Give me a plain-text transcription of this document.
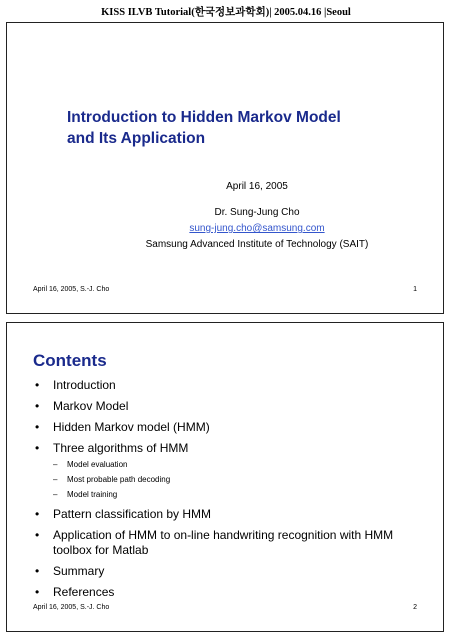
KISS ILVB Tutorial(한국정보과학회)| 2005.04.16 |Seoul
Introduction to Hidden Markov Model
and Its Application
April 16, 2005
Dr. Sung-Jung Cho
sung-jung.cho@samsung.com
Samsung Advanced Institute of Technology (SAIT)
April 16, 2005, S.-J. Cho	1
Contents
• Introduction
• Markov Model
• Hidden Markov model (HMM)
• Three algorithms of HMM
– Model evaluation
– Most probable path decoding
– Model training
• Pattern classification by HMM
• Application of HMM to on-line handwriting recognition with HMM toolbox for Matlab
• Summary
• References
April 16, 2005, S.-J. Cho	2
